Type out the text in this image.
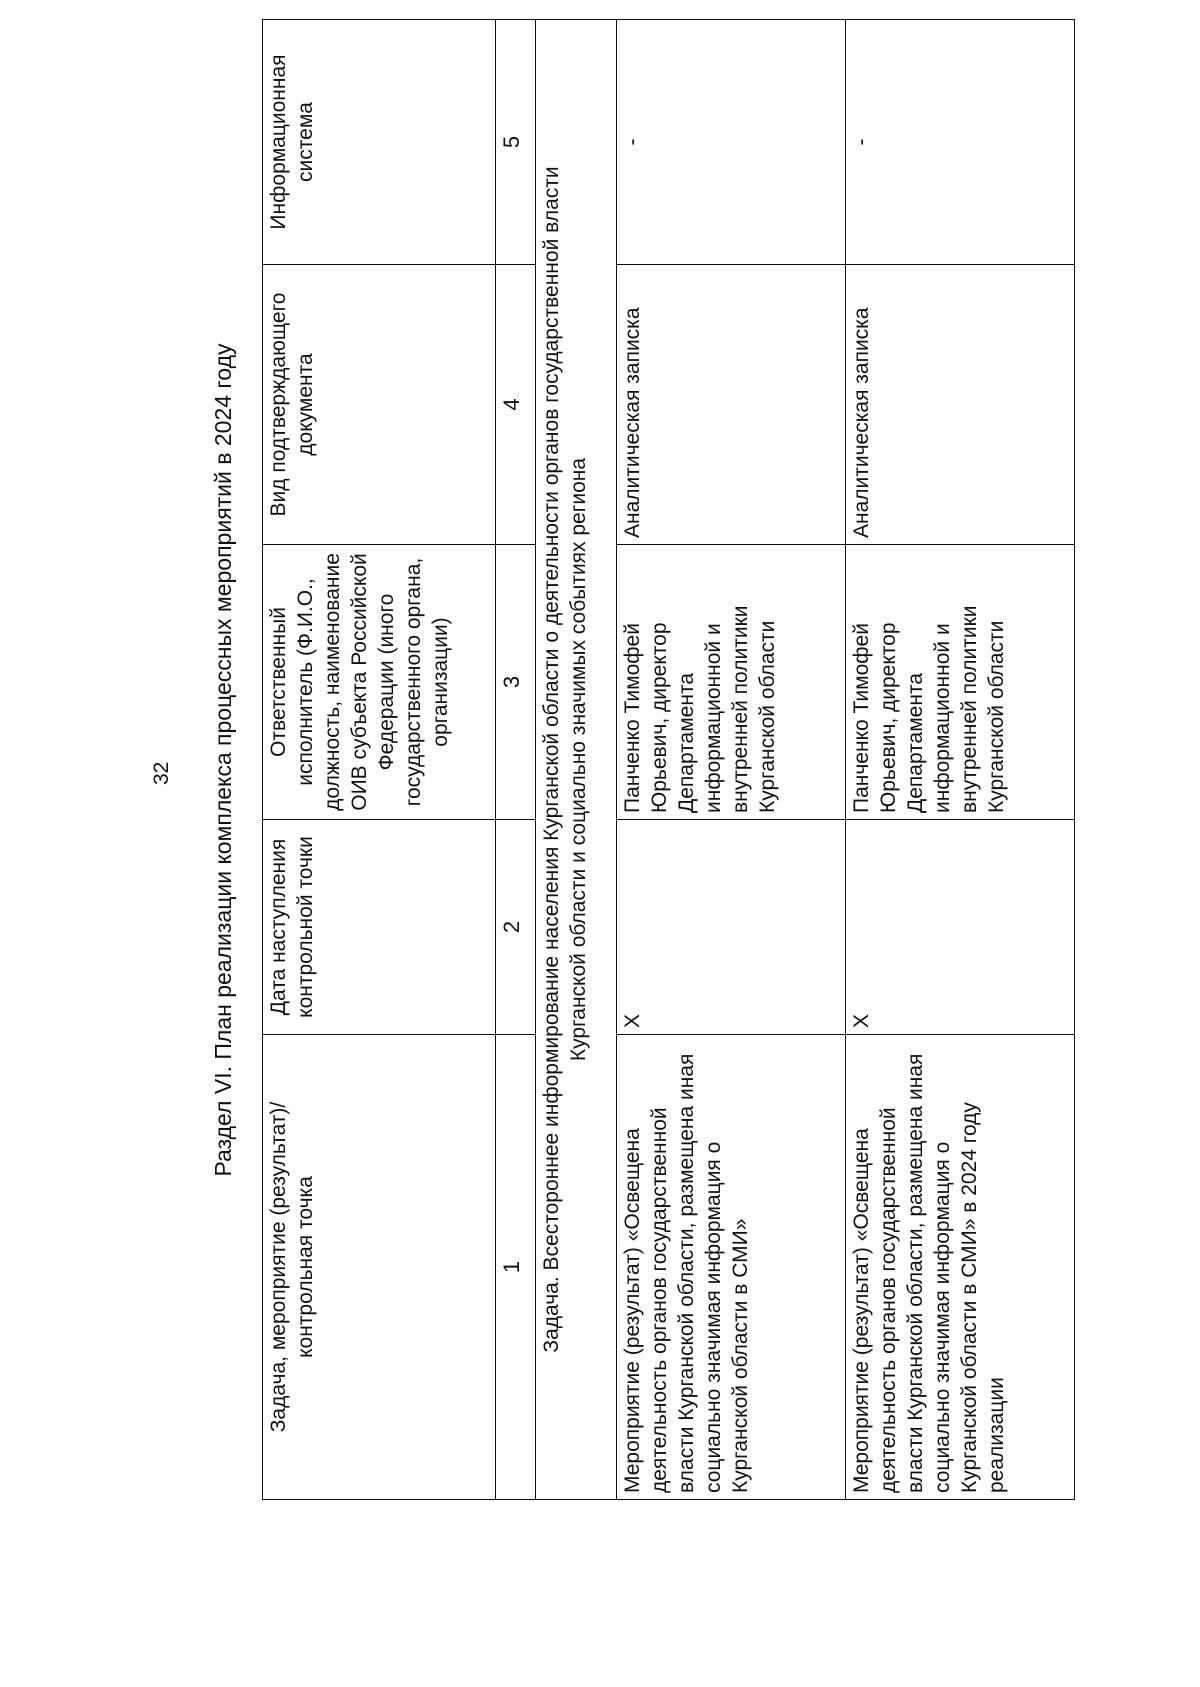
32 Раздел VI. План реализации комплекса процессных мероприятий в 2024 году
Задача, мероприятие (результат)/ контрольная точка	Дата наступления контрольной точки	Ответственный исполнитель (Ф.И.О., должность, наименование ОИВ субъекта Российской Федерации (иного государственного органа, организации)	Вид подтверждающего документа	Информационная система
1	2	3	4	5

Задача. Всестороннее информирование населения Курганской области о деятельности органов государственной власти Курганской области и социально значимых событиях региона				
Мероприятие (результат) «Освещена деятельность органов государственной власти Курганской области, размещена иная социально значимая информация о Курганской области в СМИ»	Х	Панченко Тимофей Юрьевич, директор Департамента информационной и внутренней политики Курганской области	Аналитическая записка	-
Мероприятие (результат) «Освещена деятельность органов государственной власти Курганской области, размещена иная социально значимая информация о Курганской области в СМИ» в 2024 году реализации	Х	Панченко Тимофей Юрьевич, директор Департамента информационной и внутренней политики Курганской области	Аналитическая записка	-
